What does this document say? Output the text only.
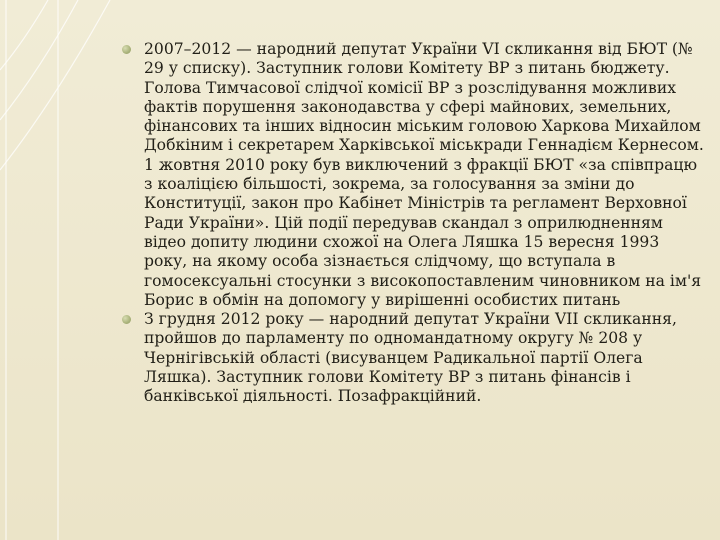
2007–2012 — народний депутат України VI скликання від БЮТ (№ 29 у списку). Заступник голови Комітету ВР з питань бюджету. Голова Тимчасової слідчої комісії ВР з розслідування можливих фактів порушення законодавства у сфері майнових, земельних, фінансових та інших відносин міським головою Харкова Михайлом Добкіним і секретарем Харківської міськради Геннадієм Кернесом. 1 жовтня 2010 року був виключений з фракції БЮТ «за співпрацю з коаліцією більшості, зокрема, за голосування за зміни до Конституції, закон про Кабінет Міністрів та регламент Верховної Ради України». Цій події передував скандал з оприлюдненням відео допиту людини схожої на Олега Ляшка 15 вересня 1993 року, на якому особа зізнається слідчому, що вступала в гомосексуальні стосунки з високопоставленим чиновником на ім'я Борис в обмін на допомогу у вирішенні особистих питань
З грудня 2012 року — народний депутат України VII скликання, пройшов до парламенту по одномандатному округу № 208 у Чернігівській області (висуванцем Радикальної партії Олега Ляшка). Заступник голови Комітету ВР з питань фінансів і банківської діяльності. Позафракційний.
